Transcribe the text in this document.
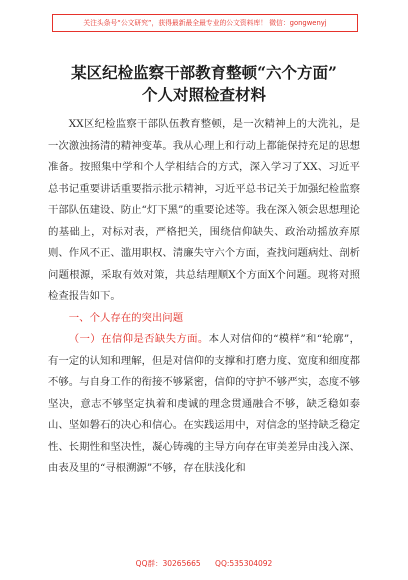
关注头条号“公文研究”，获得最新最全最专业的公文资料库！ 微信：gongwenyj
某区纪检监察干部教育整顿“六个方面”
个人对照检查材料

XX区纪检监察干部队伍教育整顿，是一次精神上的大洗礼，是一次激浊扬清的精神变革。我从心理上和行动上都能保持充足的思想准备。按照集中学和个人学相结合的方式，深入学习了XX、习近平总书记重要讲话重要指示批示精神，习近平总书记关于加强纪检监察干部队伍建设、防止“灯下黑”的重要论述等。我在深入领会思想理论的基础上，对标对表，严格把关，围绕信仰缺失、政治动摇放弃原则、作风不正、滥用职权、清廉失守六个方面，查找问题病灶、剖析问题根源，采取有效对策，共总结理顺X个方面X个问题。现将对照检查报告如下。

一、个人存在的突出问题

（一）在信仰是否缺失方面。本人对信仰的“模样”和“轮廓”，有一定的认知和理解，但是对信仰的支撑和打磨力度、宽度和细度都不够。与自身工作的衔接不够紧密，信仰的守护不够严实，态度不够坚决，意志不够坚定执着和虔诚的理念贯通融合不够，缺乏稳如泰山、坚如磐石的决心和信心。在实践运用中，对信念的坚持缺乏稳定性、长期性和坚决性，凝心铸魂的主导方向存在审美差异由浅入深、由表及里的“寻根溯源”不够，存在肤浅化和

QQ群：30265665 QQ:535304092
